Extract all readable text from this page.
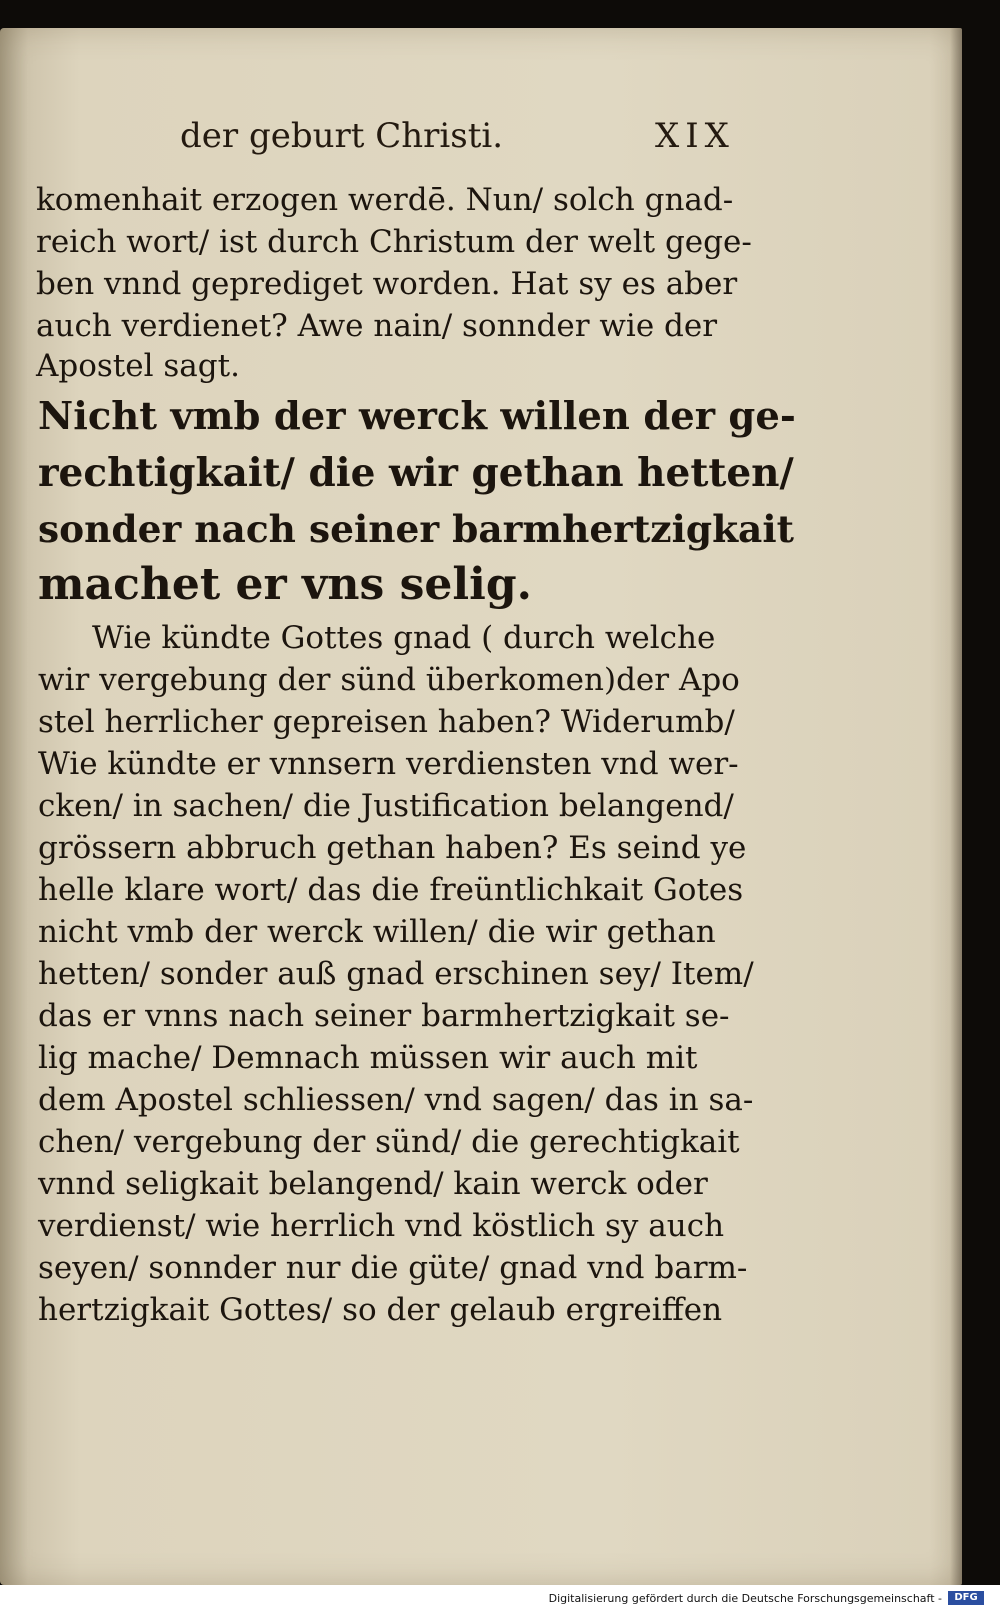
der geburt Christi.	XIX
komenhait erzogen werdē. Nun/ solch gnad-
reich wort/ ist durch Christum der welt gege-
ben vnnd geprediget worden. Hat sy es aber
auch verdienet? Awe nain/ sonnder wie der
Apostel sagt.
Nicht vmb der werck willen der ge-
rechtigkait/ die wir gethan hetten/
sonder nach seiner barmhertzigkait
machet er vns selig.
Wie kündte Gottes gnad ( durch welche
wir vergebung der sünd überkomen)der Apo
stel herrlicher gepreisen haben? Widerumb/
Wie kündte er vnnsern verdiensten vnd wer-
cken/ in sachen/ die Justification belangend/
grössern abbruch gethan haben? Es seind ye
helle klare wort/ das die freüntlichkait Gotes
nicht vmb der werck willen/ die wir gethan
hetten/ sonder auß gnad erschinen sey/ Item/
das er vnns nach seiner barmhertzigkait se-
lig mache/ Demnach müssen wir auch mit
dem Apostel schliessen/ vnd sagen/ das in sa-
chen/ vergebung der sünd/ die gerechtigkait
vnnd seligkait belangend/ kain werck oder
verdienst/ wie herrlich vnd köstlich sy auch
seyen/ sonnder nur die güte/ gnad vnd barm-
hertzigkait Gottes/ so der gelaub ergreiffen
Digitalisierung gefördert durch die Deutsche Forschungsgemeinschaft -	DFG
